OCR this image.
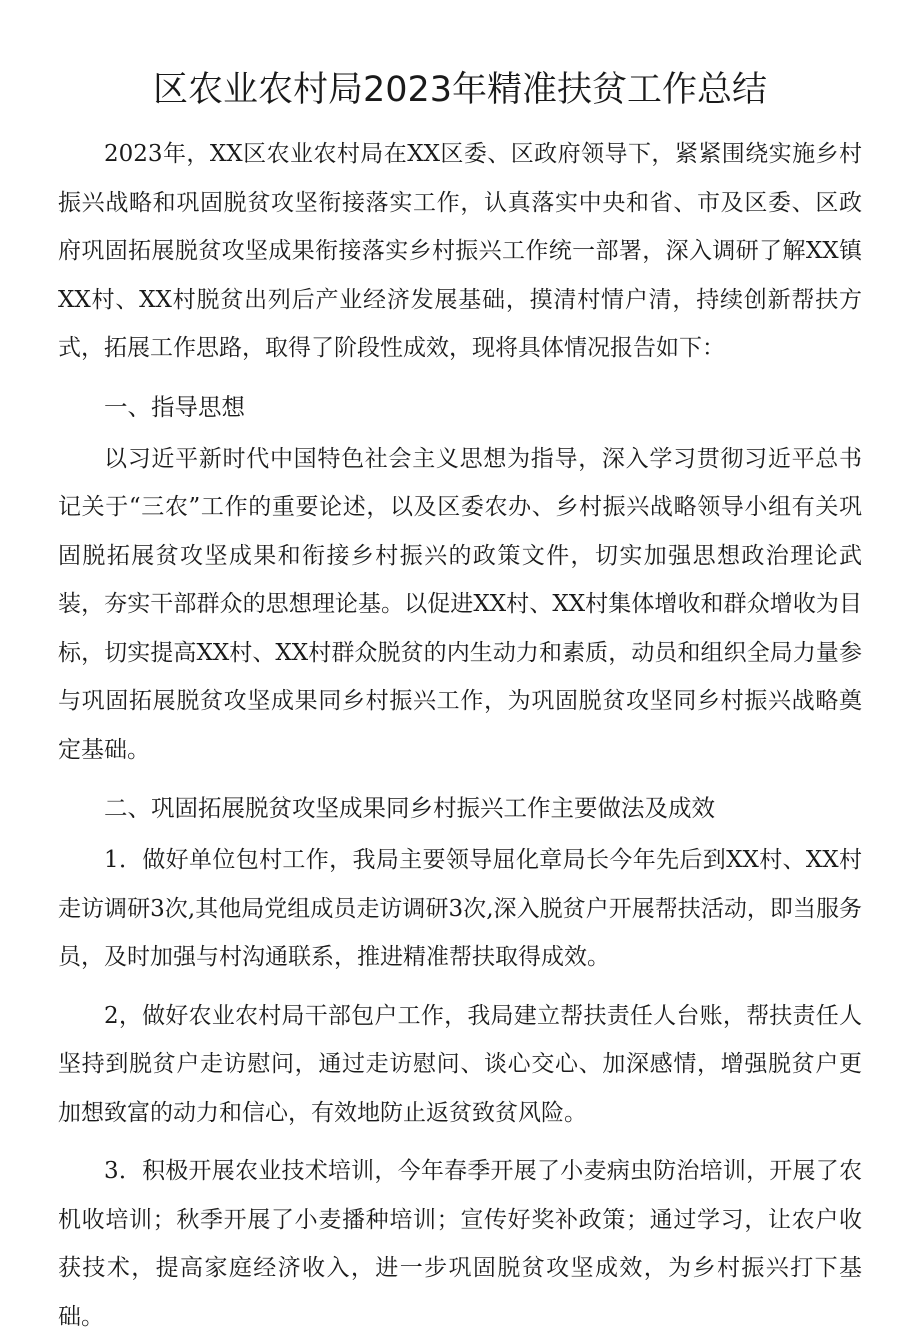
区农业农村局2023年精准扶贫工作总结

2023年，XX区农业农村局在XX区委、区政府领导下，紧紧围绕实施乡村振兴战略和巩固脱贫攻坚衔接落实工作，认真落实中央和省、市及区委、区政府巩固拓展脱贫攻坚成果衔接落实乡村振兴工作统一部署，深入调研了解XX镇XX村、XX村脱贫出列后产业经济发展基础，摸清村情户清，持续创新帮扶方式，拓展工作思路，取得了阶段性成效，现将具体情况报告如下：

一、指导思想

以习近平新时代中国特色社会主义思想为指导，深入学习贯彻习近平总书记关于“三农”工作的重要论述，以及区委农办、乡村振兴战略领导小组有关巩固脱拓展贫攻坚成果和衔接乡村振兴的政策文件，切实加强思想政治理论武装，夯实干部群众的思想理论基。以促进XX村、XX村集体增收和群众增收为目标，切实提高XX村、XX村群众脱贫的内生动力和素质，动员和组织全局力量参与巩固拓展脱贫攻坚成果同乡村振兴工作，为巩固脱贫攻坚同乡村振兴战略奠定基础。

二、巩固拓展脱贫攻坚成果同乡村振兴工作主要做法及成效

1．做好单位包村工作，我局主要领导屈化章局长今年先后到XX村、XX村走访调研3次,其他局党组成员走访调研3次,深入脱贫户开展帮扶活动，即当服务员，及时加强与村沟通联系，推进精准帮扶取得成效。

2，做好农业农村局干部包户工作，我局建立帮扶责任人台账，帮扶责任人坚持到脱贫户走访慰问，通过走访慰问、谈心交心、加深感情，增强脱贫户更加想致富的动力和信心，有效地防止返贫致贫风险。

3．积极开展农业技术培训，今年春季开展了小麦病虫防治培训，开展了农机收培训；秋季开展了小麦播种培训；宣传好奖补政策；通过学习，让农户收获技术，提高家庭经济收入，进一步巩固脱贫攻坚成效，为乡村振兴打下基础。
